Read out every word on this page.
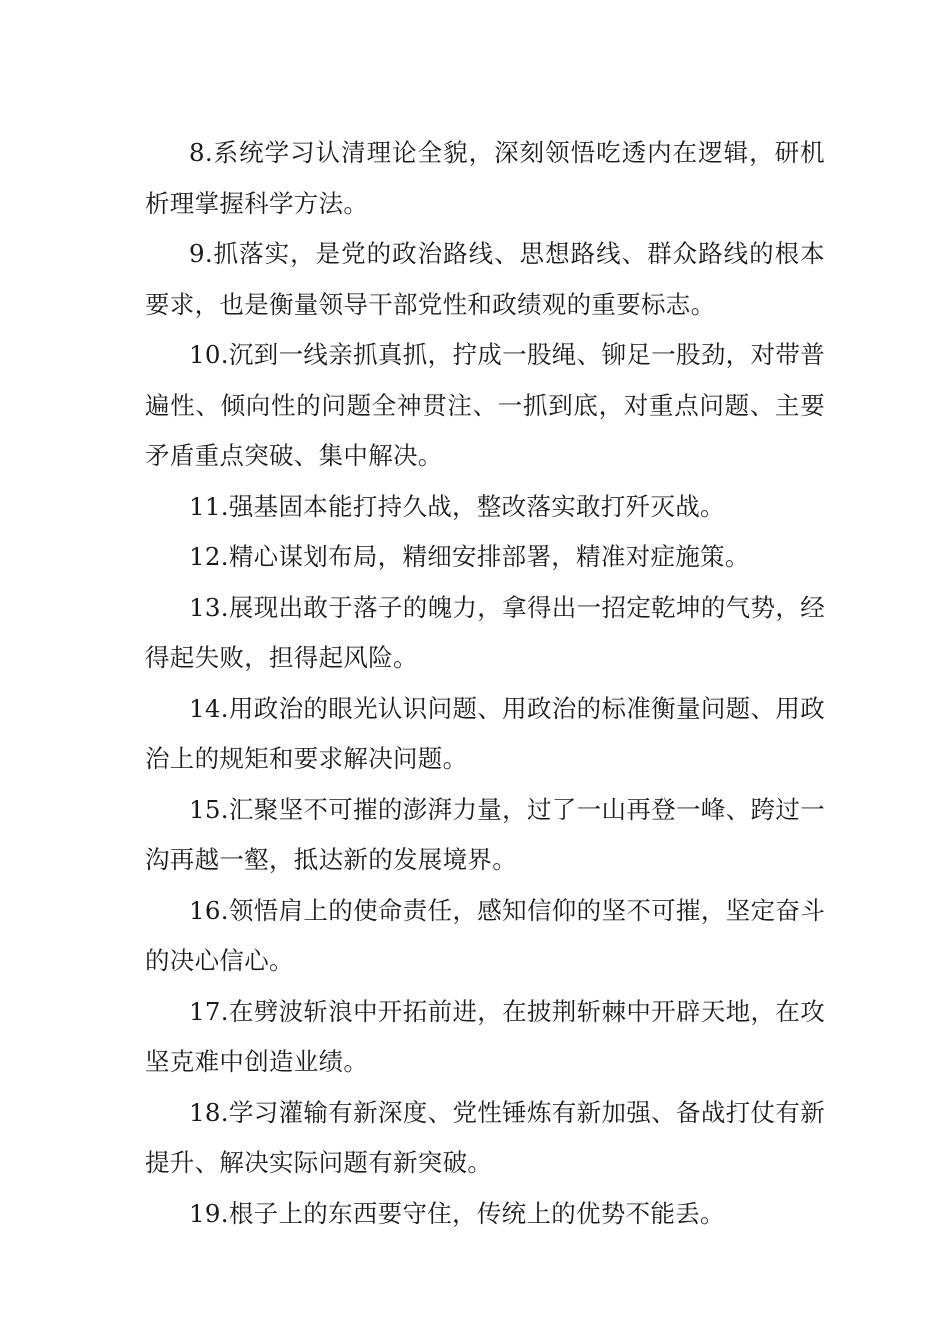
8.系统学习认清理论全貌，深刻领悟吃透内在逻辑，研机析理掌握科学方法。

9.抓落实，是党的政治路线、思想路线、群众路线的根本要求，也是衡量领导干部党性和政绩观的重要标志。

10.沉到一线亲抓真抓，拧成一股绳、铆足一股劲，对带普遍性、倾向性的问题全神贯注、一抓到底，对重点问题、主要矛盾重点突破、集中解决。

11.强基固本能打持久战，整改落实敢打歼灭战。

12.精心谋划布局，精细安排部署，精准对症施策。

13.展现出敢于落子的魄力，拿得出一招定乾坤的气势，经得起失败，担得起风险。

14.用政治的眼光认识问题、用政治的标准衡量问题、用政治上的规矩和要求解决问题。

15.汇聚坚不可摧的澎湃力量，过了一山再登一峰、跨过一沟再越一壑，抵达新的发展境界。

16.领悟肩上的使命责任，感知信仰的坚不可摧，坚定奋斗的决心信心。

17.在劈波斩浪中开拓前进，在披荆斩棘中开辟天地，在攻坚克难中创造业绩。

18.学习灌输有新深度、党性锤炼有新加强、备战打仗有新提升、解决实际问题有新突破。

19.根子上的东西要守住，传统上的优势不能丢。
